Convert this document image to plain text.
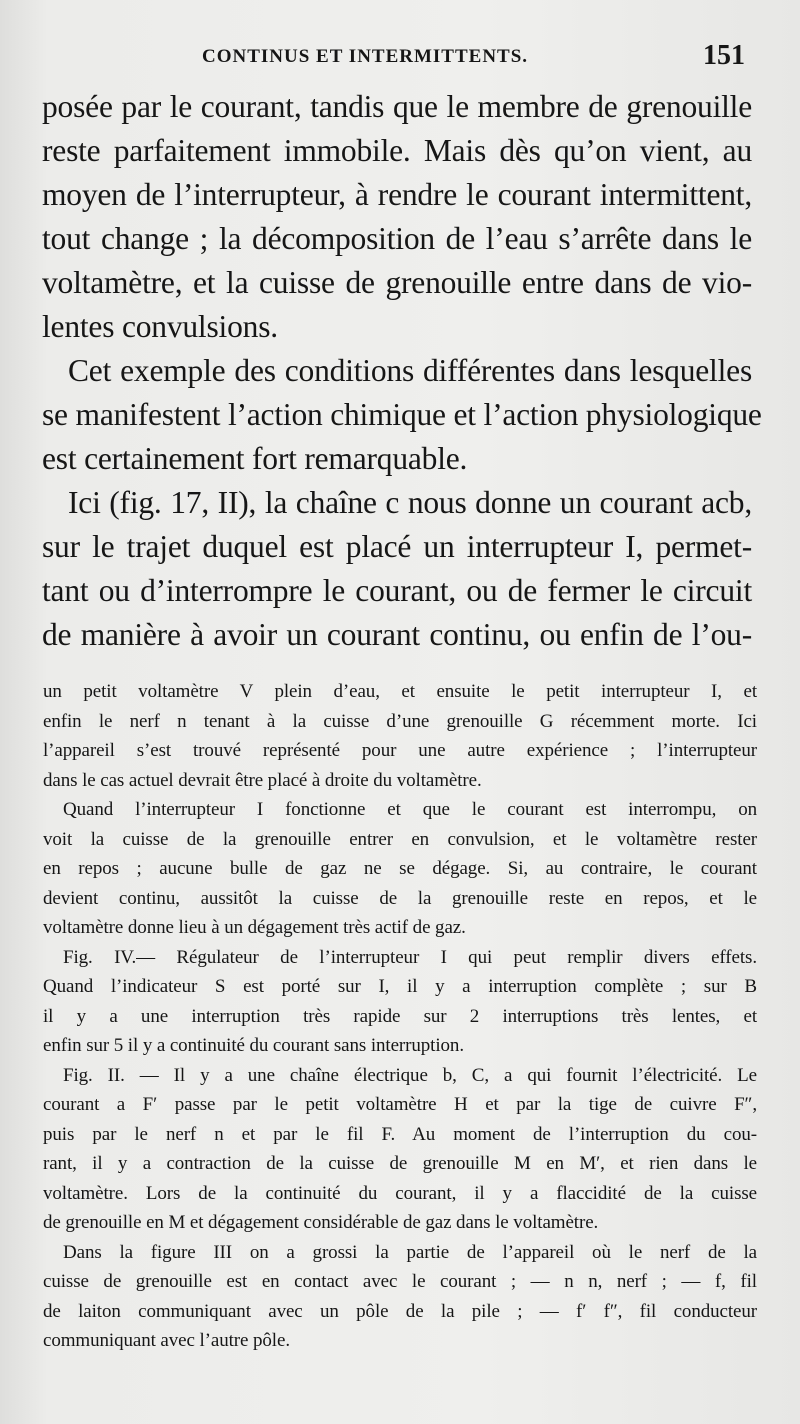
CONTINUS ET INTERMITTENTS.	151
posée par le courant, tandis que le membre de grenouille
reste parfaitement immobile. Mais dès qu’on vient, au
moyen de l’interrupteur, à rendre le courant intermittent,
tout change ; la décomposition de l’eau s’arrête dans le
voltamètre, et la cuisse de grenouille entre dans de vio-
lentes convulsions.
Cet exemple des conditions différentes dans lesquelles
se manifestent l’action chimique et l’action physiologique
est certainement fort remarquable.
Ici (fig. 17, II), la chaîne c nous donne un courant acb,
sur le trajet duquel est placé un interrupteur I, permet-
tant ou d’interrompre le courant, ou de fermer le circuit
de manière à avoir un courant continu, ou enfin de l’ou-
un petit voltamètre V plein d’eau, et ensuite le petit interrupteur I, et
enfin le nerf n tenant à la cuisse d’une grenouille G récemment morte. Ici
l’appareil s’est trouvé représenté pour une autre expérience ; l’interrupteur
dans le cas actuel devrait être placé à droite du voltamètre.
Quand l’interrupteur I fonctionne et que le courant est interrompu, on
voit la cuisse de la grenouille entrer en convulsion, et le voltamètre rester
en repos ; aucune bulle de gaz ne se dégage. Si, au contraire, le courant
devient continu, aussitôt la cuisse de la grenouille reste en repos, et le
voltamètre donne lieu à un dégagement très actif de gaz.
Fig. IV.— Régulateur de l’interrupteur I qui peut remplir divers effets.
Quand l’indicateur S est porté sur I, il y a interruption complète ; sur B
il y a une interruption très rapide sur 2 interruptions très lentes, et
enfin sur 5 il y a continuité du courant sans interruption.
Fig. II. — Il y a une chaîne électrique b, C, a qui fournit l’électricité. Le
courant a F′ passe par le petit voltamètre H et par la tige de cuivre F″,
puis par le nerf n et par le fil F. Au moment de l’interruption du cou-
rant, il y a contraction de la cuisse de grenouille M en M′, et rien dans le
voltamètre. Lors de la continuité du courant, il y a flaccidité de la cuisse
de grenouille en M et dégagement considérable de gaz dans le voltamètre.
Dans la figure III on a grossi la partie de l’appareil où le nerf de la
cuisse de grenouille est en contact avec le courant ; — n n, nerf ; — f, fil
de laiton communiquant avec un pôle de la pile ; — f′ f″, fil conducteur
communiquant avec l’autre pôle.
